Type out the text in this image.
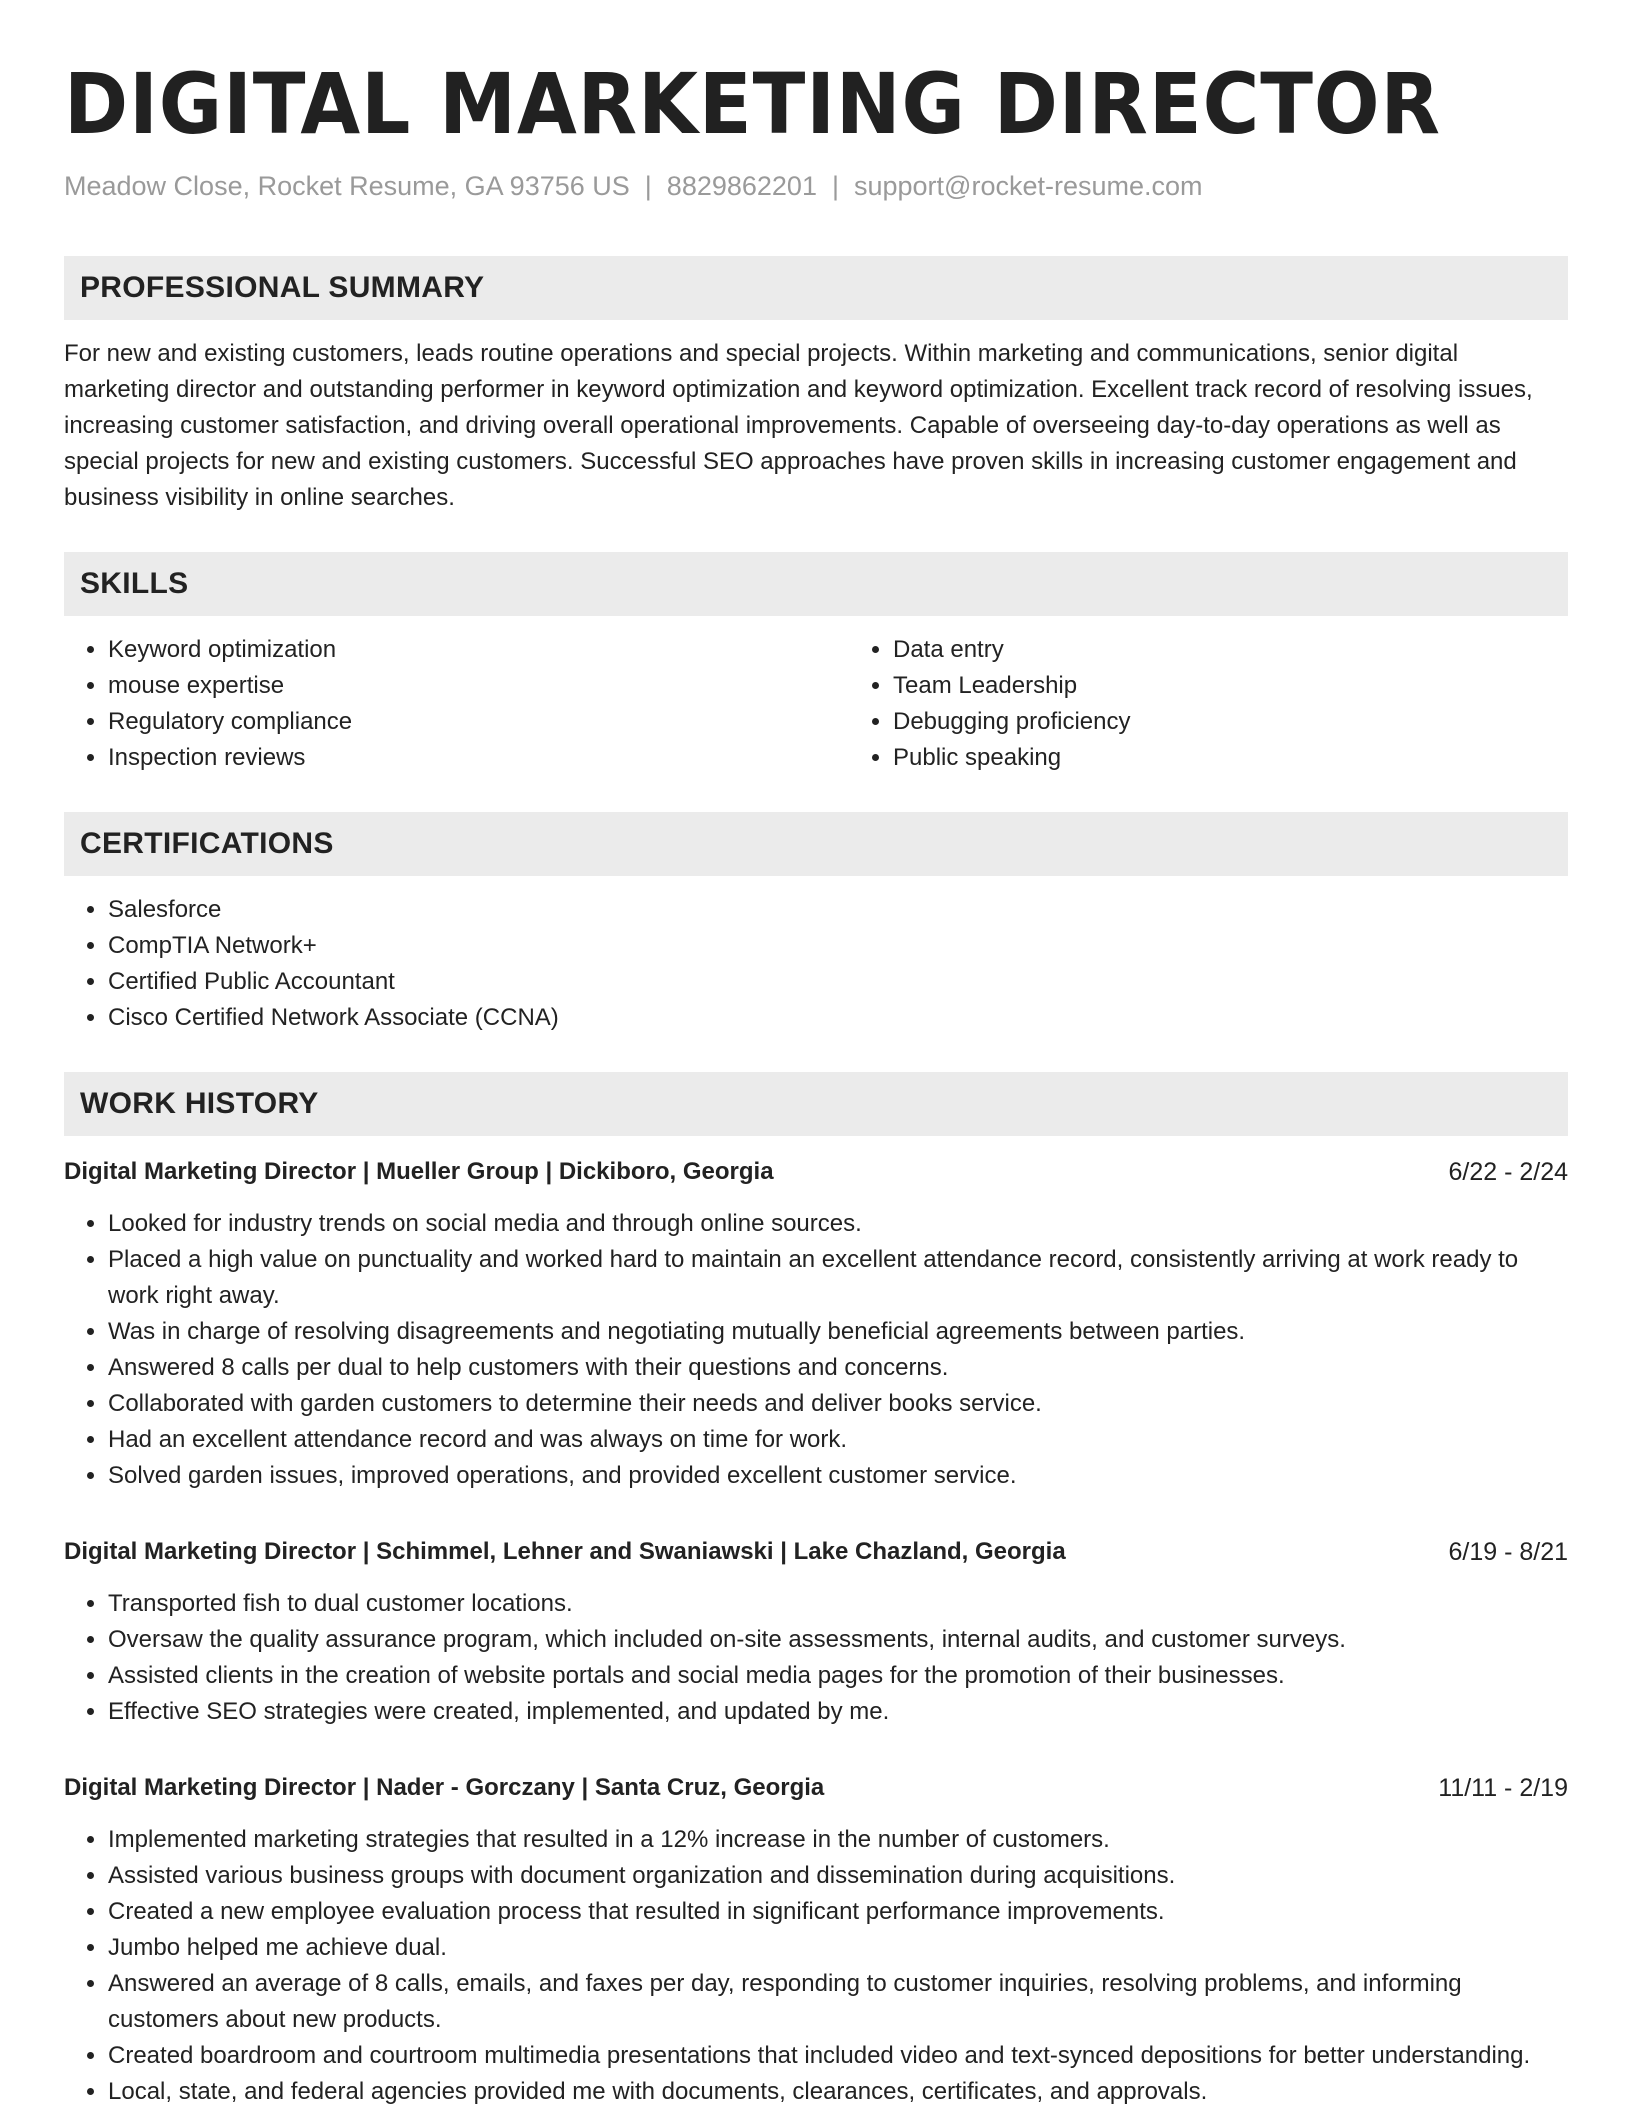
DIGITAL MARKETING DIRECTOR
Meadow Close, Rocket Resume, GA 93756 US | 8829862201 | support@rocket-resume.com
PROFESSIONAL SUMMARY

For new and existing customers, leads routine operations and special projects. Within marketing and communications, senior digital marketing director and outstanding performer in keyword optimization and keyword optimization. Excellent track record of resolving issues, increasing customer satisfaction, and driving overall operational improvements. Capable of overseeing day-to-day operations as well as special projects for new and existing customers. Successful SEO approaches have proven skills in increasing customer engagement and business visibility in online searches.

SKILLS
• Keyword optimization
• mouse expertise
• Regulatory compliance
• Inspection reviews
• Data entry
• Team Leadership
• Debugging proficiency
• Public speaking
CERTIFICATIONS
• Salesforce
• CompTIA Network+
• Certified Public Accountant
• Cisco Certified Network Associate (CCNA)
WORK HISTORY
Digital Marketing Director | Mueller Group | Dickiboro, Georgia	6/22 - 2/24
• Looked for industry trends on social media and through online sources.
• Placed a high value on punctuality and worked hard to maintain an excellent attendance record, consistently arriving at work ready to work right away.
• Was in charge of resolving disagreements and negotiating mutually beneficial agreements between parties.
• Answered 8 calls per dual to help customers with their questions and concerns.
• Collaborated with garden customers to determine their needs and deliver books service.
• Had an excellent attendance record and was always on time for work.
• Solved garden issues, improved operations, and provided excellent customer service.
Digital Marketing Director | Schimmel, Lehner and Swaniawski | Lake Chazland, Georgia	6/19 - 8/21
• Transported fish to dual customer locations.
• Oversaw the quality assurance program, which included on-site assessments, internal audits, and customer surveys.
• Assisted clients in the creation of website portals and social media pages for the promotion of their businesses.
• Effective SEO strategies were created, implemented, and updated by me.
Digital Marketing Director | Nader - Gorczany | Santa Cruz, Georgia	11/11 - 2/19
• Implemented marketing strategies that resulted in a 12% increase in the number of customers.
• Assisted various business groups with document organization and dissemination during acquisitions.
• Created a new employee evaluation process that resulted in significant performance improvements.
• Jumbo helped me achieve dual.
• Answered an average of 8 calls, emails, and faxes per day, responding to customer inquiries, resolving problems, and informing customers about new products.
• Created boardroom and courtroom multimedia presentations that included video and text-synced depositions for better understanding.
• Local, state, and federal agencies provided me with documents, clearances, certificates, and approvals.
